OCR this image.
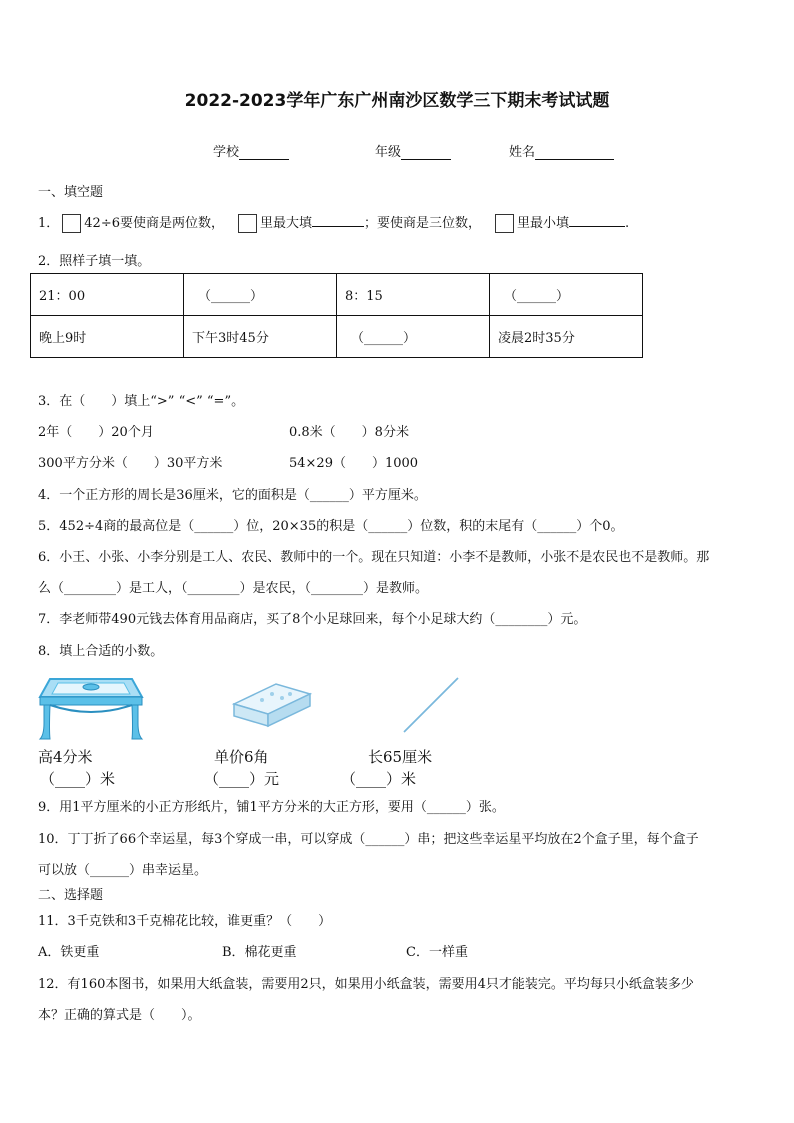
2022-2023学年广东广州南沙区数学三下期末考试试题
学校	年级	姓名
一、填空题
1． 42÷6要使商是两位数，	里最大填	；要使商是三位数，	里最小填	.
2．照样子填一填。
21：00	（______）	8：15	（______）
晚上9时	下午3时45分	（______）	凌晨2时35分
3．在（　　）填上“>” “<” “=”。
2年（　　）20个月	0.8米（　　）8分米
300平方分米（　　）30平方米	54×29（　　）1000
4．一个正方形的周长是36厘米，它的面积是（______）平方厘米。
5．452÷4商的最高位是（______）位，20×35的积是（______）位数，积的末尾有（______）个0。
6．小王、小张、小李分别是工人、农民、教师中的一个。现在只知道：小李不是教师，小张不是农民也不是教师。那
么（________）是工人，（________）是农民，（________）是教师。
7．李老师带490元钱去体育用品商店，买了8个小足球回来，每个小足球大约（________）元。
8．填上合适的小数。
高4分米	单价6角	长65厘米
（____）米	（____）元	（____）米
9．用1平方厘米的小正方形纸片，铺1平方分米的大正方形，要用（______）张。
10．丁丁折了66个幸运星，每3个穿成一串，可以穿成（______）串；把这些幸运星平均放在2个盒子里，每个盒子
可以放（______）串幸运星。
二、选择题
11．3千克铁和3千克棉花比较，谁更重？（　　）
A．铁更重	B．棉花更重	C．一样重
12．有160本图书，如果用大纸盒装，需要用2只，如果用小纸盒装，需要用4只才能装完。平均每只小纸盒装多少
本？正确的算式是（　　）。
